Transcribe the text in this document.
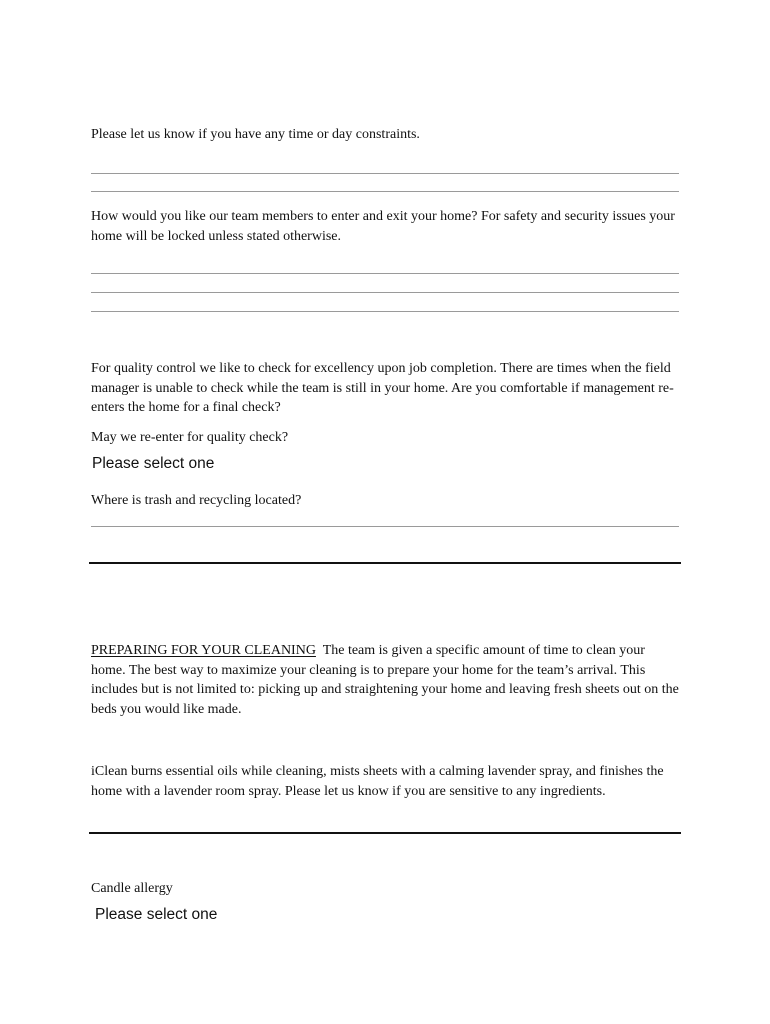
Please let us know if you have any time or day constraints.
How would you like our team members to enter and exit your home? For safety and security issues your home will be locked unless stated otherwise.
For quality control we like to check for excellency upon job completion. There are times when the field manager is unable to check while the team is still in your home. Are you comfortable if management re-enters the home for a final check?
May we re-enter for quality check?
Please select one
Where is trash and recycling located?
PREPARING FOR YOUR CLEANING The team is given a specific amount of time to clean your home. The best way to maximize your cleaning is to prepare your home for the team’s arrival. This includes but is not limited to: picking up and straightening your home and leaving fresh sheets out on the beds you would like made.
iClean burns essential oils while cleaning, mists sheets with a calming lavender spray, and finishes the home with a lavender room spray. Please let us know if you are sensitive to any ingredients.
Candle allergy
Please select one
